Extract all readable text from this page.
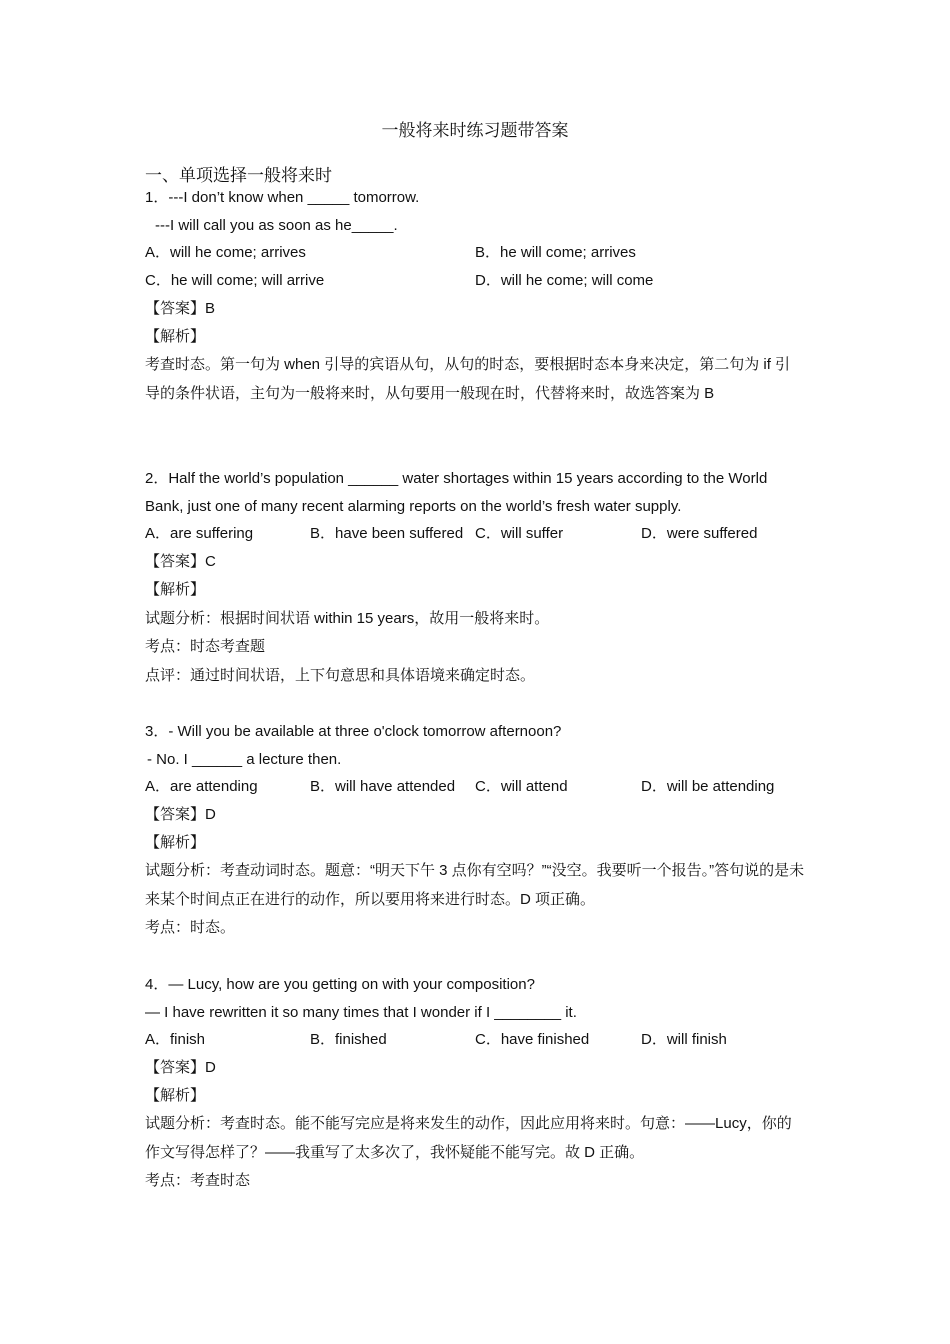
一般将来时练习题带答案
一、单项选择一般将来时
1．---I don’t know when _____ tomorrow.
---I will call you as soon as he_____.
A．will he come; arrives	B．he will come; arrives
C．he will come; will arrive	D．will he come; will come
【答案】B
【解析】
考查时态。第一句为 when 引导的宾语从句，从句的时态，要根据时态本身来决定，第二句为 if 引导的条件状语，主句为一般将来时，从句要用一般现在时，代替将来时，故选答案为 B
2．Half the world’s population ______ water shortages within 15 years according to the World
Bank, just one of many recent alarming reports on the world’s fresh water supply.
A．are suffering	B．have been suffered C．will suffer	D．were suffered
【答案】C
【解析】
试题分析：根据时间状语 within 15 years，故用一般将来时。
考点：时态考查题
点评：通过时间状语，上下句意思和具体语境来确定时态。
3．- Will you be available at three o'clock tomorrow afternoon?
- No. I ______ a lecture then.
A．are attending	B．will have attended C．will attend	D．will be attending
【答案】D
【解析】
试题分析：考查动词时态。题意：“明天下午 3 点你有空吗？”“没空。我要听一个报告。”答句说的是未来某个时间点正在进行的动作，所以要用将来进行时态。D 项正确。
考点：时态。
4．— Lucy, how are you getting on with your composition?
— I have rewritten it so many times that I wonder if I ________ it.
A．finish	B．finished	C．have finished	D．will finish
【答案】D
【解析】
试题分析：考查时态。能不能写完应是将来发生的动作，因此应用将来时。句意：——Lucy，你的作文写得怎样了？——我重写了太多次了，我怀疑能不能写完。故 D 正确。
考点：考查时态
